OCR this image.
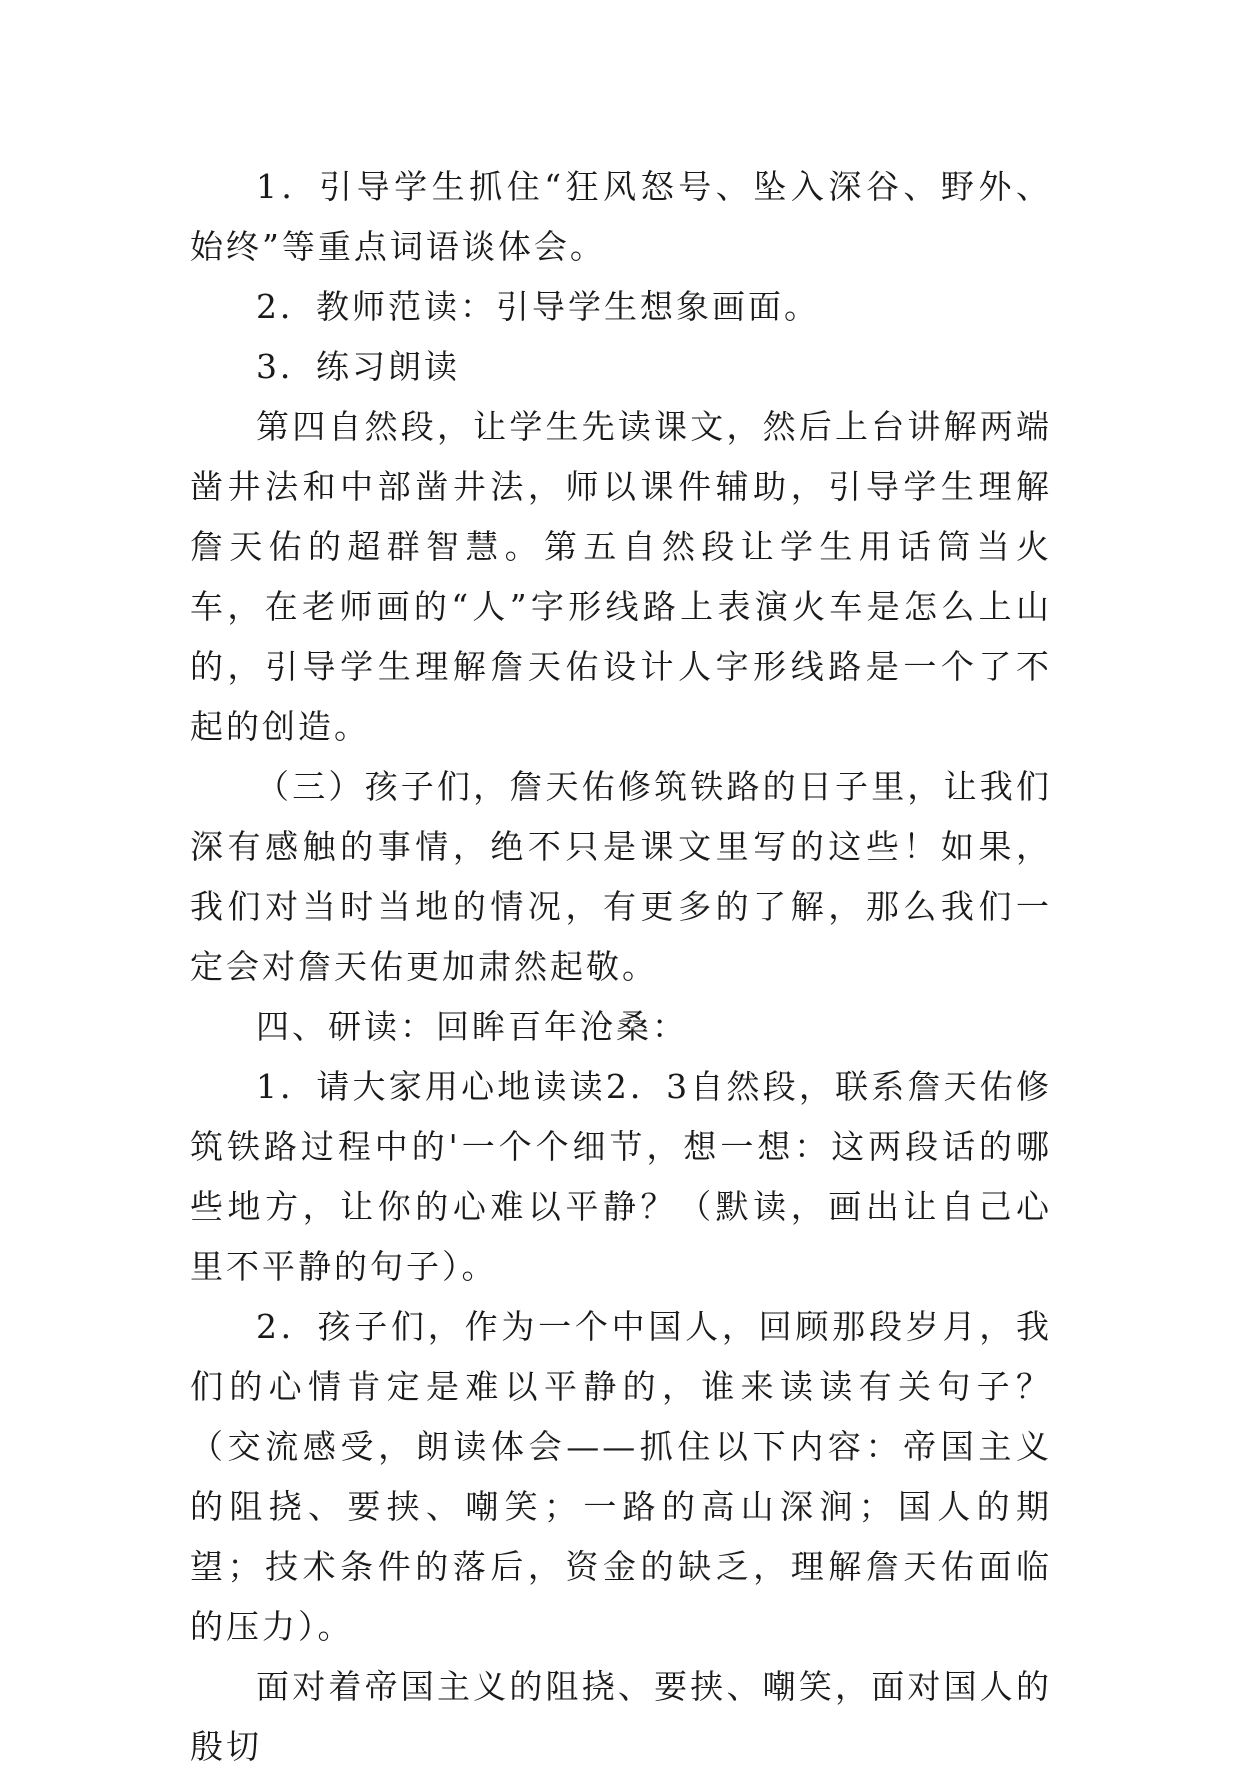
1．引导学生抓住“狂风怒号、坠入深谷、野外、始终”等重点词语谈体会。

2．教师范读：引导学生想象画面。

3．练习朗读

第四自然段，让学生先读课文，然后上台讲解两端凿井法和中部凿井法，师以课件辅助，引导学生理解詹天佑的超群智慧。第五自然段让学生用话筒当火车，在老师画的“人”字形线路上表演火车是怎么上山的，引导学生理解詹天佑设计人字形线路是一个了不起的创造。

（三）孩子们，詹天佑修筑铁路的日子里，让我们深有感触的事情，绝不只是课文里写的这些！如果，我们对当时当地的情况，有更多的了解，那么我们一定会对詹天佑更加肃然起敬。

四、研读：回眸百年沧桑：

1．请大家用心地读读2．3自然段，联系詹天佑修筑铁路过程中的'一个个细节，想一想：这两段话的哪些地方，让你的心难以平静？（默读，画出让自己心里不平静的句子）。

2．孩子们，作为一个中国人，回顾那段岁月，我们的心情肯定是难以平静的，谁来读读有关句子？（交流感受，朗读体会——抓住以下内容：帝国主义的阻挠、要挟、嘲笑；一路的高山深涧；国人的期望；技术条件的落后，资金的缺乏，理解詹天佑面临的压力）。

面对着帝国主义的阻挠、要挟、嘲笑，面对国人的殷切
